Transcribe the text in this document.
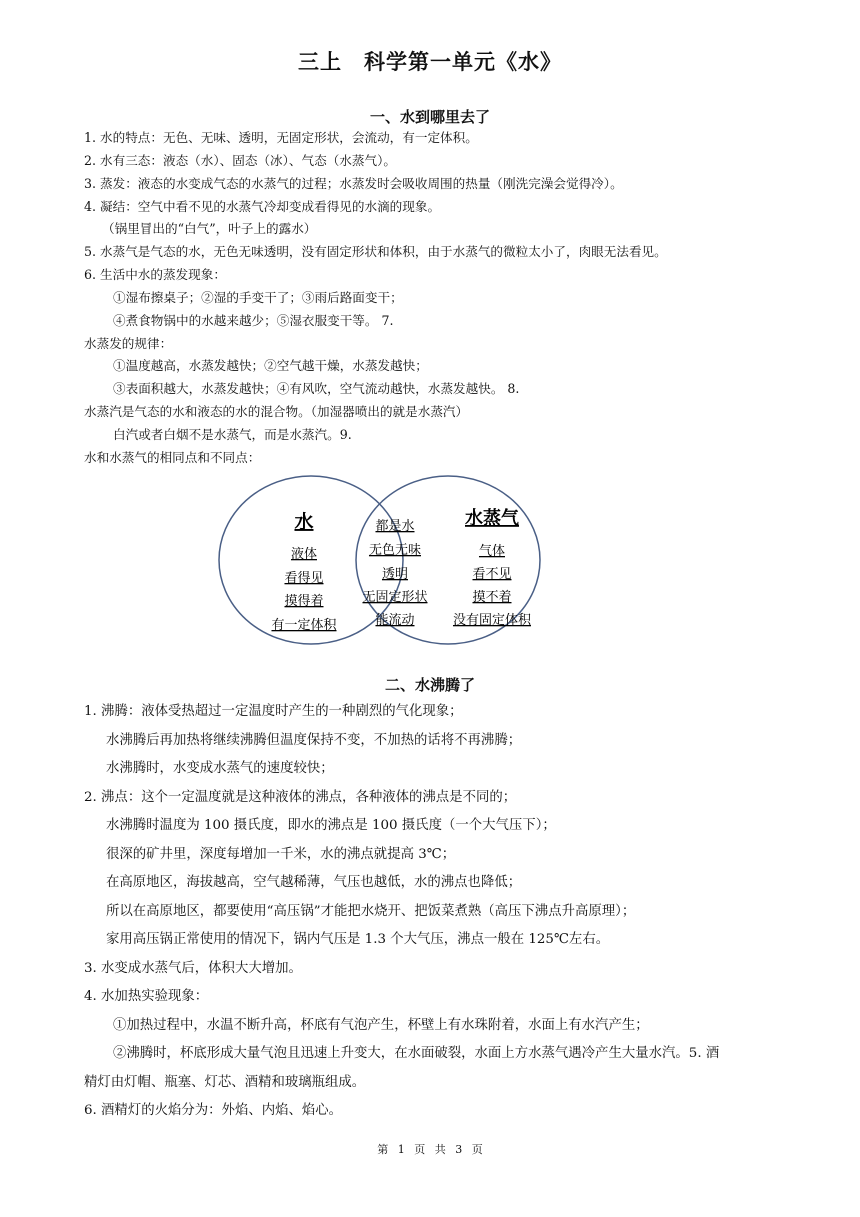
三上　科学第一单元《水》
一、水到哪里去了
1. 水的特点：无色、无味、透明，无固定形状，会流动，有一定体积。
2. 水有三态：液态（水）、固态（冰）、气态（水蒸气）。
3. 蒸发：液态的水变成气态的水蒸气的过程；水蒸发时会吸收周围的热量（刚洗完澡会觉得冷）。
4. 凝结：空气中看不见的水蒸气冷却变成看得见的水滴的现象。
（锅里冒出的“白气”，叶子上的露水）
5. 水蒸气是气态的水，无色无味透明，没有固定形状和体积，由于水蒸气的微粒太小了，肉眼无法看见。
6. 生活中水的蒸发现象：
①湿布擦桌子；②湿的手变干了；③雨后路面变干；
④煮食物锅中的水越来越少；⑤湿衣服变干等。 7.
水蒸发的规律：
①温度越高，水蒸发越快；②空气越干燥，水蒸发越快；
③表面积越大，水蒸发越快；④有风吹，空气流动越快，水蒸发越快。 8.
水蒸汽是气态的水和液态的水的混合物。（加湿器喷出的就是水蒸汽）
白汽或者白烟不是水蒸气，而是水蒸汽。9.
水和水蒸气的相同点和不同点：
水
液体
看得见
摸得着
有一定体积
都是水
无色无味
透明
无固定形状
能流动
水蒸气
气体
看不见
摸不着
没有固定体积
二、水沸腾了
1. 沸腾：液体受热超过一定温度时产生的一种剧烈的气化现象；
水沸腾后再加热将继续沸腾但温度保持不变，不加热的话将不再沸腾；
水沸腾时，水变成水蒸气的速度较快；
2. 沸点：这个一定温度就是这种液体的沸点，各种液体的沸点是不同的；
水沸腾时温度为 100 摄氏度，即水的沸点是 100 摄氏度（一个大气压下）；
很深的矿井里，深度每增加一千米，水的沸点就提高 3℃；
在高原地区，海拔越高，空气越稀薄，气压也越低，水的沸点也降低；
所以在高原地区，都要使用“高压锅”才能把水烧开、把饭菜煮熟（高压下沸点升高原理）；
家用高压锅正常使用的情况下，锅内气压是 1.3 个大气压，沸点一般在 125℃左右。
3. 水变成水蒸气后，体积大大增加。
4. 水加热实验现象：
①加热过程中，水温不断升高，杯底有气泡产生，杯壁上有水珠附着，水面上有水汽产生；
②沸腾时，杯底形成大量气泡且迅速上升变大，在水面破裂，水面上方水蒸气遇冷产生大量水汽。5. 酒
精灯由灯帽、瓶塞、灯芯、酒精和玻璃瓶组成。
6. 酒精灯的火焰分为：外焰、内焰、焰心。
第 1 页 共 3 页
